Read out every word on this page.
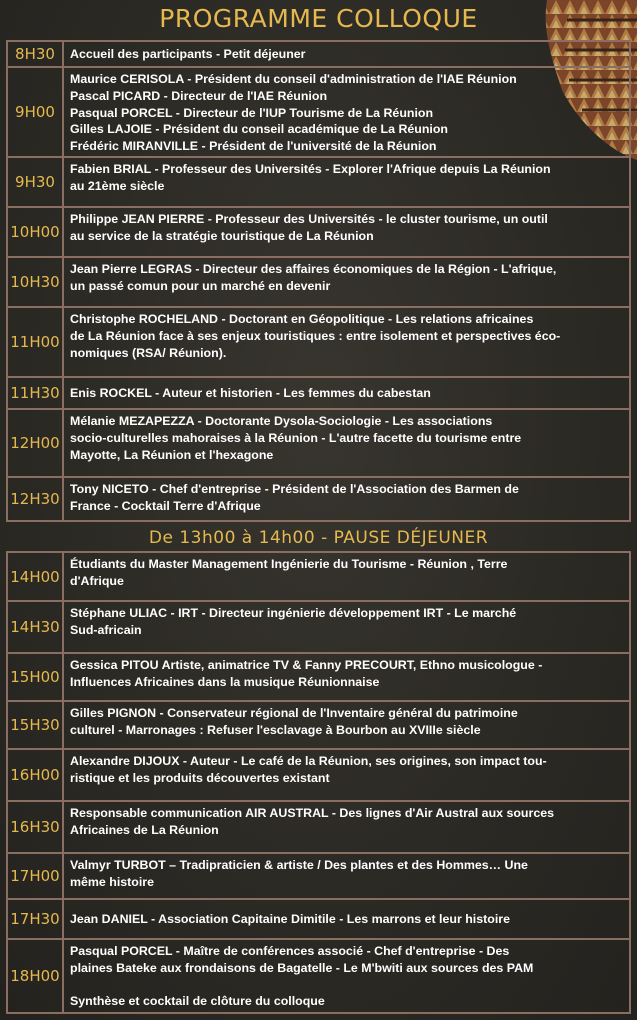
PROGRAMME COLLOQUE
De 13h00 à 14h00 - PAUSE DÉJEUNER
8H30	Accueil des participants - Petit déjeuner
9H00
Maurice CERISOLA - Président du conseil d'administration de l'IAE Réunion
Pascal PICARD - Directeur de l'IAE Réunion
Pasqual PORCEL - Directeur de l'IUP Tourisme de La Réunion
Gilles LAJOIE - Président du conseil académique de La Réunion
Frédéric MIRANVILLE - Président de l'université de la Réunion
9H30
Fabien BRIAL - Professeur des Universités - Explorer l'Afrique depuis La Réunion
au 21ème siècle
10H00
Philippe JEAN PIERRE - Professeur des Universités - le cluster tourisme, un outil
au service de la stratégie touristique de La Réunion
10H30
Jean Pierre LEGRAS - Directeur des affaires économiques de la Région - L'afrique,
un passé comun pour un marché en devenir
11H00
Christophe ROCHELAND - Doctorant en Géopolitique - Les relations africaines
de La Réunion face à ses enjeux touristiques : entre isolement et perspectives éco-
nomiques (RSA/ Réunion).
11H30 Enis ROCKEL - Auteur et historien - Les femmes du cabestan
12H00
Mélanie MEZAPEZZA - Doctorante Dysola-Sociologie - Les associations
socio-culturelles mahoraises à la Réunion - L'autre facette du tourisme entre
Mayotte, La Réunion et l'hexagone
12H30
Tony NICETO - Chef d'entreprise - Président de l'Association des Barmen de
France - Cocktail Terre d'Afrique
14H00
Étudiants du Master Management Ingénierie du Tourisme - Réunion , Terre
d'Afrique
14H30
Stéphane ULIAC - IRT - Directeur ingénierie développement IRT - Le marché
Sud-africain
15H00
Gessica PITOU Artiste, animatrice TV & Fanny PRECOURT, Ethno musicologue -
Influences Africaines dans la musique Réunionnaise
15H30
Gilles PIGNON - Conservateur régional de l'Inventaire général du patrimoine
culturel - Marronages : Refuser l'esclavage à Bourbon au XVIIIe siècle
16H00
Alexandre DIJOUX - Auteur - Le café de la Réunion, ses origines, son impact tou-
ristique et les produits découvertes existant
16H30
Responsable communication AIR AUSTRAL - Des lignes d'Air Austral aux sources
Africaines de La Réunion
17H00
Valmyr TURBOT – Tradipraticien & artiste / Des plantes et des Hommes… Une
même histoire
17H30 Jean DANIEL - Association Capitaine Dimitile - Les marrons et leur histoire
18H00
Pasqual PORCEL - Maître de conférences associé - Chef d'entreprise - Des
plaines Bateke aux frondaisons de Bagatelle - Le M'bwiti aux sources des PAM

Synthèse et cocktail de clôture du colloque
